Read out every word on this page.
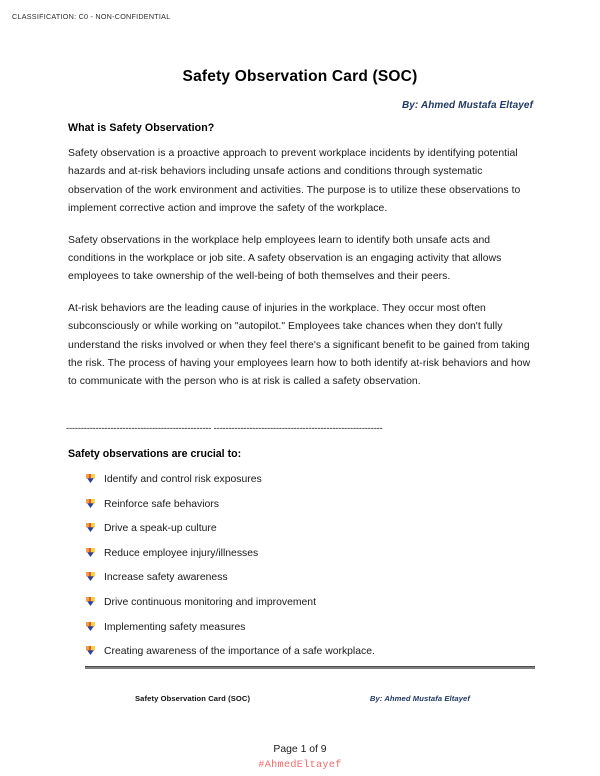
CLASSIFICATION: C0 - NON-CONFIDENTIAL
Safety Observation Card (SOC)
By: Ahmed Mustafa Eltayef
What is Safety Observation?

Safety observation is a proactive approach to prevent workplace incidents by identifying potential hazards and at-risk behaviors including unsafe actions and conditions through systematic observation of the work environment and activities. The purpose is to utilize these observations to implement corrective action and improve the safety of the workplace.

Safety observations in the workplace help employees learn to identify both unsafe acts and conditions in the workplace or job site. A safety observation is an engaging activity that allows employees to take ownership of the well-being of both themselves and their peers.

At-risk behaviors are the leading cause of injuries in the workplace. They occur most often subconsciously or while working on "autopilot." Employees take chances when they don't fully understand the risks involved or when they feel there's a significant benefit to be gained from taking the risk. The process of having your employees learn how to both identify at-risk behaviors and how to communicate with the person who is at risk is called a safety observation.

------------------------------------------------- ---------------------------------------------------------
Safety observations are crucial to:
Identify and control risk exposures
Reinforce safe behaviors
Drive a speak-up culture
Reduce employee injury/illnesses
Increase safety awareness
Drive continuous monitoring and improvement
Implementing safety measures
Creating awareness of the importance of a safe workplace.
Safety Observation Card (SOC)	By: Ahmed Mustafa Eltayef
Page 1 of 9
#AhmedEltayef
